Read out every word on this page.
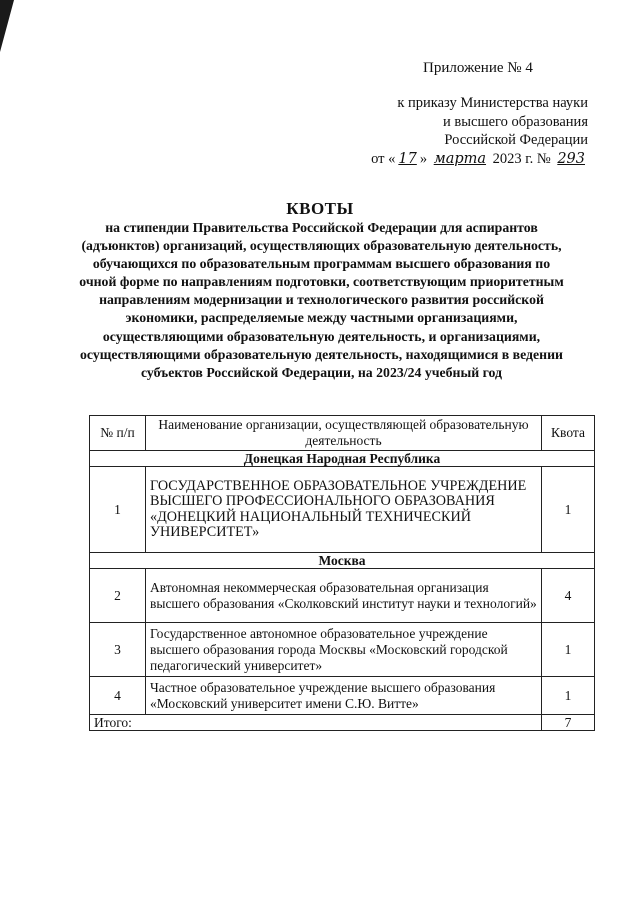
Приложение № 4
к приказу Министерства науки
и высшего образования
Российской Федерации
от « 17 » марта 2023 г. № 293
КВОТЫ
на стипендии Правительства Российской Федерации для аспирантов (адъюнктов) организаций, осуществляющих образовательную деятельность, обучающихся по образовательным программам высшего образования по очной форме по направлениям подготовки, соответствующим приоритетным направлениям модернизации и технологического развития российской экономики, распределяемые между частными организациями, осуществляющими образовательную деятельность, и организациями, осуществляющими образовательную деятельность, находящимися в ведении субъектов Российской Федерации, на 2023/24 учебный год
№ п/п	Наименование организации, осуществляющей образовательную деятельность	Квота
Донецкая Народная Республика		
1	ГОСУДАРСТВЕННОЕ ОБРАЗОВАТЕЛЬНОЕ УЧРЕЖДЕНИЕ ВЫСШЕГО ПРОФЕССИОНАЛЬНОГО ОБРАЗОВАНИЯ «ДОНЕЦКИЙ НАЦИОНАЛЬНЫЙ ТЕХНИЧЕСКИЙ УНИВЕРСИТЕТ»	1
Москва		
2	Автономная некоммерческая образовательная организация высшего образования «Сколковский институт науки и технологий»	4
3	Государственное автономное образовательное учреждение высшего образования города Москвы «Московский городской педагогический университет»	1
4	Частное образовательное учреждение высшего образования «Московский университет имени С.Ю. Витте»	1
Итого:		7
